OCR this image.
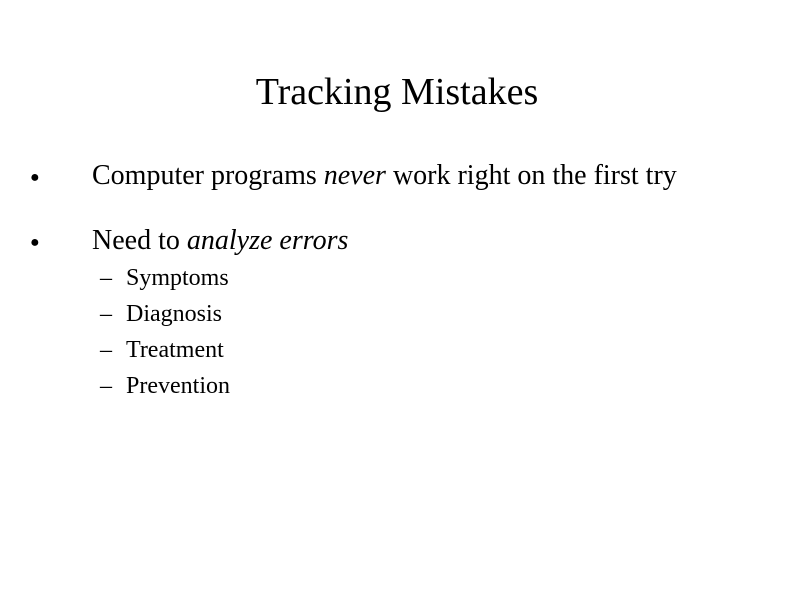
Tracking Mistakes
● Computer programs never work right on the first try
● Need to analyze errors
– Symptoms
– Diagnosis
– Treatment
– Prevention
